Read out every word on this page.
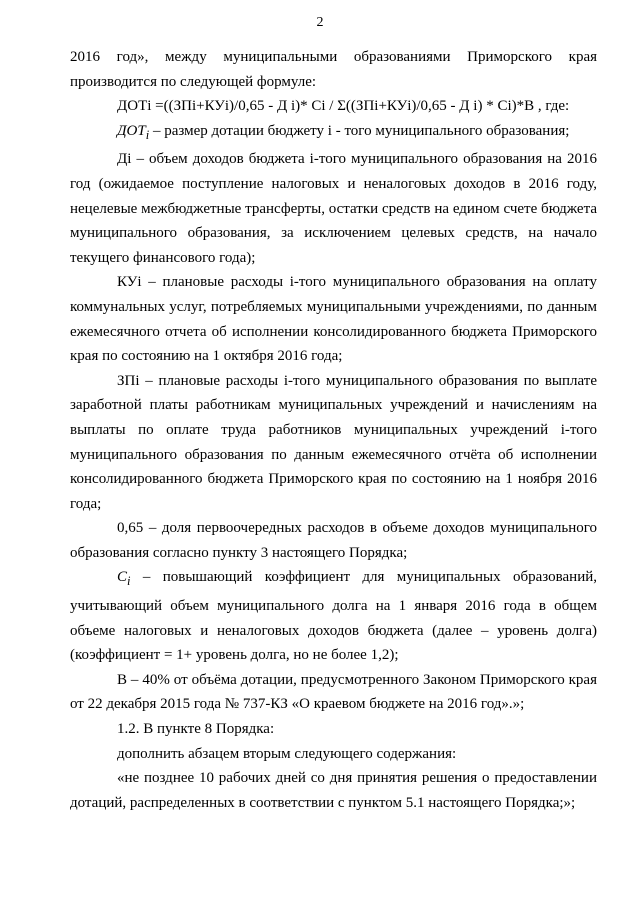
2

2016 год», между муниципальными образованиями Приморского края производится по следующей формуле:

ДОТi =((ЗПi+КУi)/0,65 - Д i)* Сi / Σ((ЗПi+КУi)/0,65 - Д i) * Сi)*В , где:

$ДОТ_i$ – размер дотации бюджету i - того муниципального образования;

Дi – объем доходов бюджета i-того муниципального образования на 2016 год (ожидаемое поступление налоговых и неналоговых доходов в 2016 году, нецелевые межбюджетные трансферты, остатки средств на едином счете бюджета муниципального образования, за исключением целевых средств, на начало текущего финансового года);

КУi – плановые расходы i-того муниципального образования на оплату коммунальных услуг, потребляемых муниципальными учреждениями, по данным ежемесячного отчета об исполнении консолидированного бюджета Приморского края по состоянию на 1 октября 2016 года;

ЗПi – плановые расходы i-того муниципального образования по выплате заработной платы работникам муниципальных учреждений и начислениям на выплаты по оплате труда работников муниципальных учреждений i-того муниципального образования по данным ежемесячного отчёта об исполнении консолидированного бюджета Приморского края по состоянию на 1 ноября 2016 года;

0,65 – доля первоочередных расходов в объеме доходов муниципального образования согласно пункту 3 настоящего Порядка;

$C_i$ – повышающий коэффициент для муниципальных образований, учитывающий объем муниципального долга на 1 января 2016 года в общем объеме налоговых и неналоговых доходов бюджета (далее – уровень долга) (коэффициент = 1+ уровень долга, но не более 1,2);

В – 40% от объёма дотации, предусмотренного Законом Приморского края от 22 декабря 2015 года № 737-КЗ «О краевом бюджете на 2016 год».»;

1.2. В пункте 8 Порядка:

дополнить абзацем вторым следующего содержания:

«не позднее 10 рабочих дней со дня принятия решения о предоставлении дотаций, распределенных в соответствии с пунктом 5.1 настоящего Порядка;»;
